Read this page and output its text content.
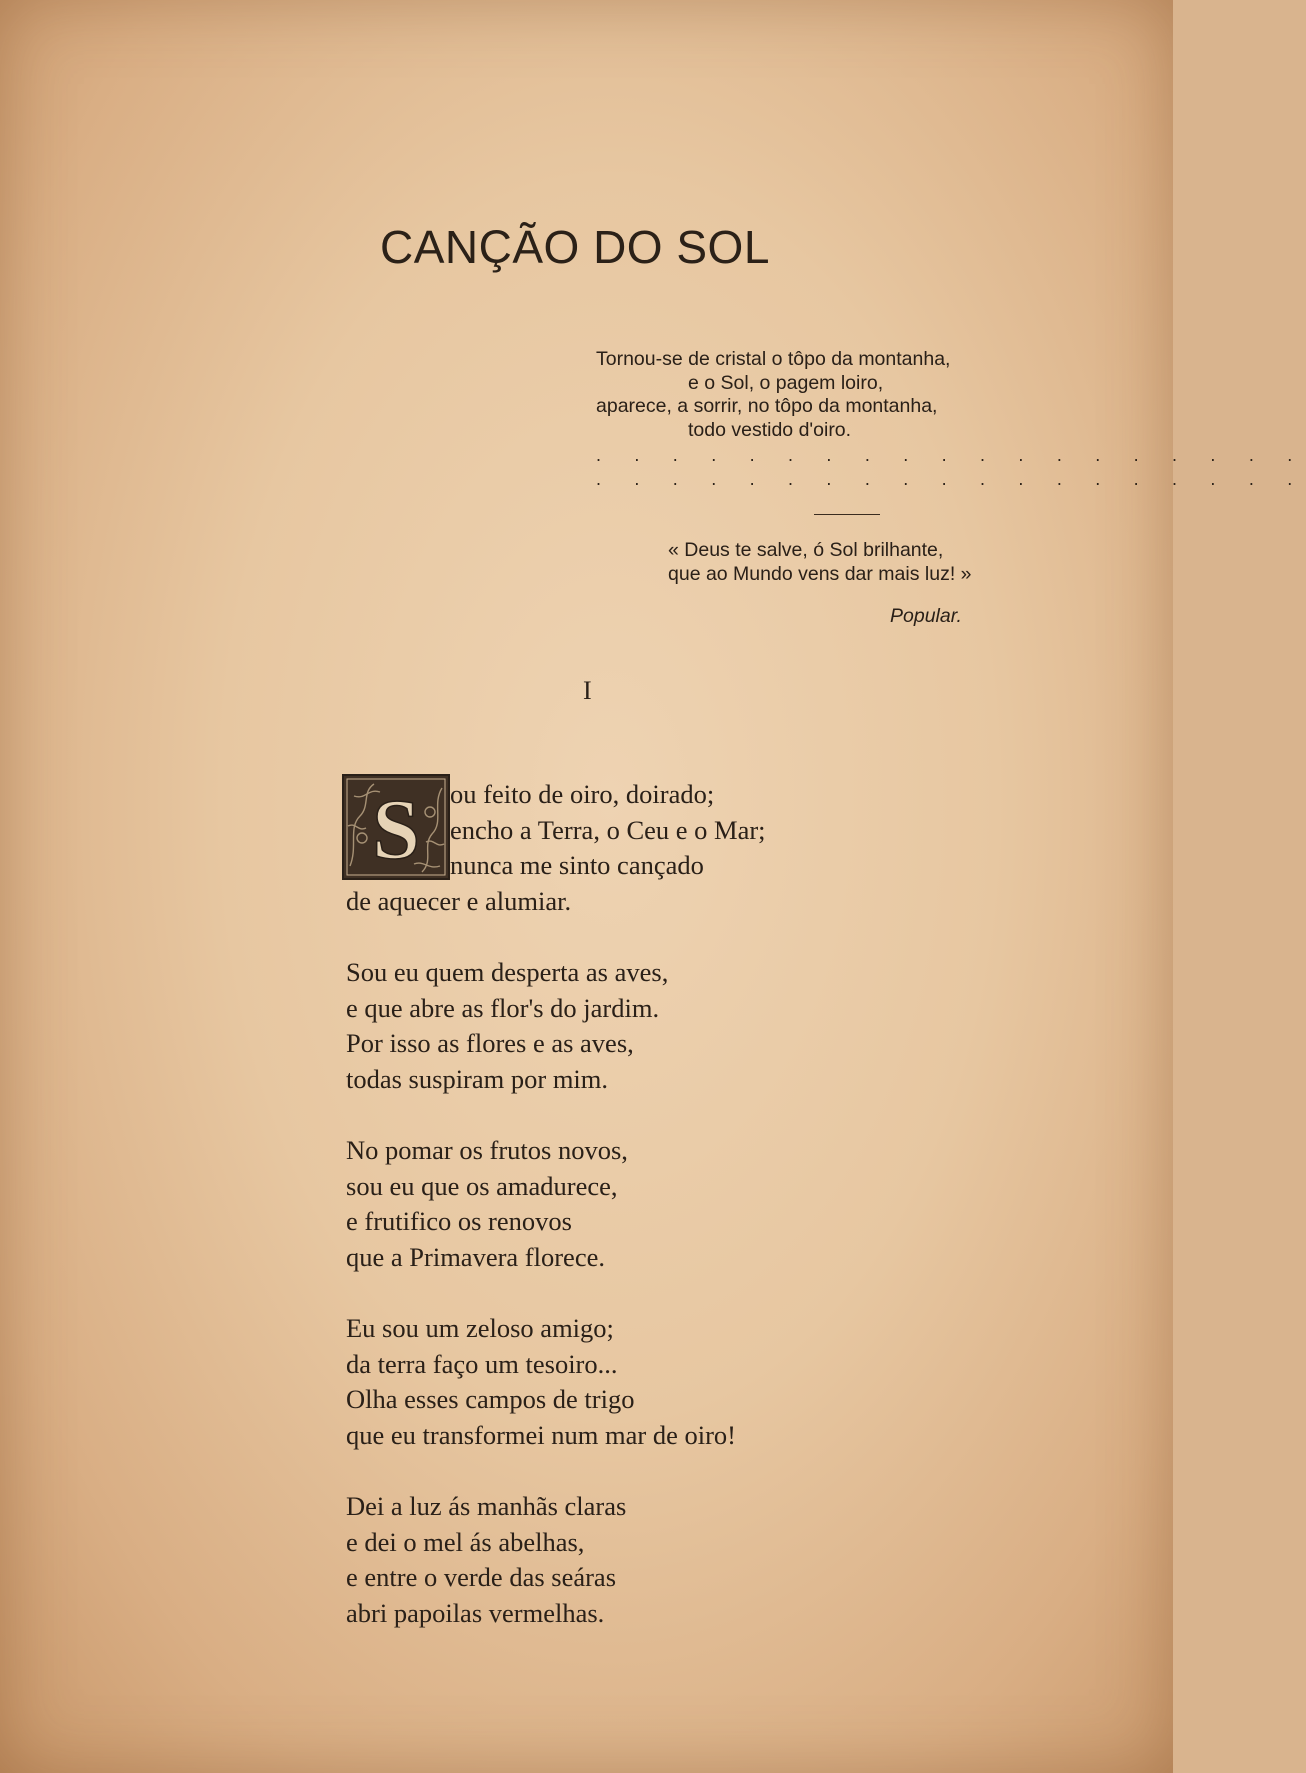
CANÇÃO DO SOL
Tornou-se de cristal o tôpo da montanha,
e o Sol, o pagem loiro,
aparece, a sorrir, no tôpo da montanha,
todo vestido d'oiro.
. . . . . . . . . . . . . . . . . . .
. . . . . . . . . . . . . . . . . . .
« Deus te salve, ó Sol brilhante,
que ao Mundo vens dar mais luz! »
Popular.
I
S	ou feito de oiro, doirado;
encho a Terra, o Ceu e o Mar;
nunca me sinto cançado
de aquecer e alumiar.
Sou eu quem desperta as aves,
e que abre as flor's do jardim.
Por isso as flores e as aves,
todas suspiram por mim.
No pomar os frutos novos,
sou eu que os amadurece,
e frutifico os renovos
que a Primavera florece.
Eu sou um zeloso amigo;
da terra faço um tesoiro...
Olha esses campos de trigo
que eu transformei num mar de oiro!
Dei a luz ás manhãs claras
e dei o mel ás abelhas,
e entre o verde das seáras
abri papoilas vermelhas.
